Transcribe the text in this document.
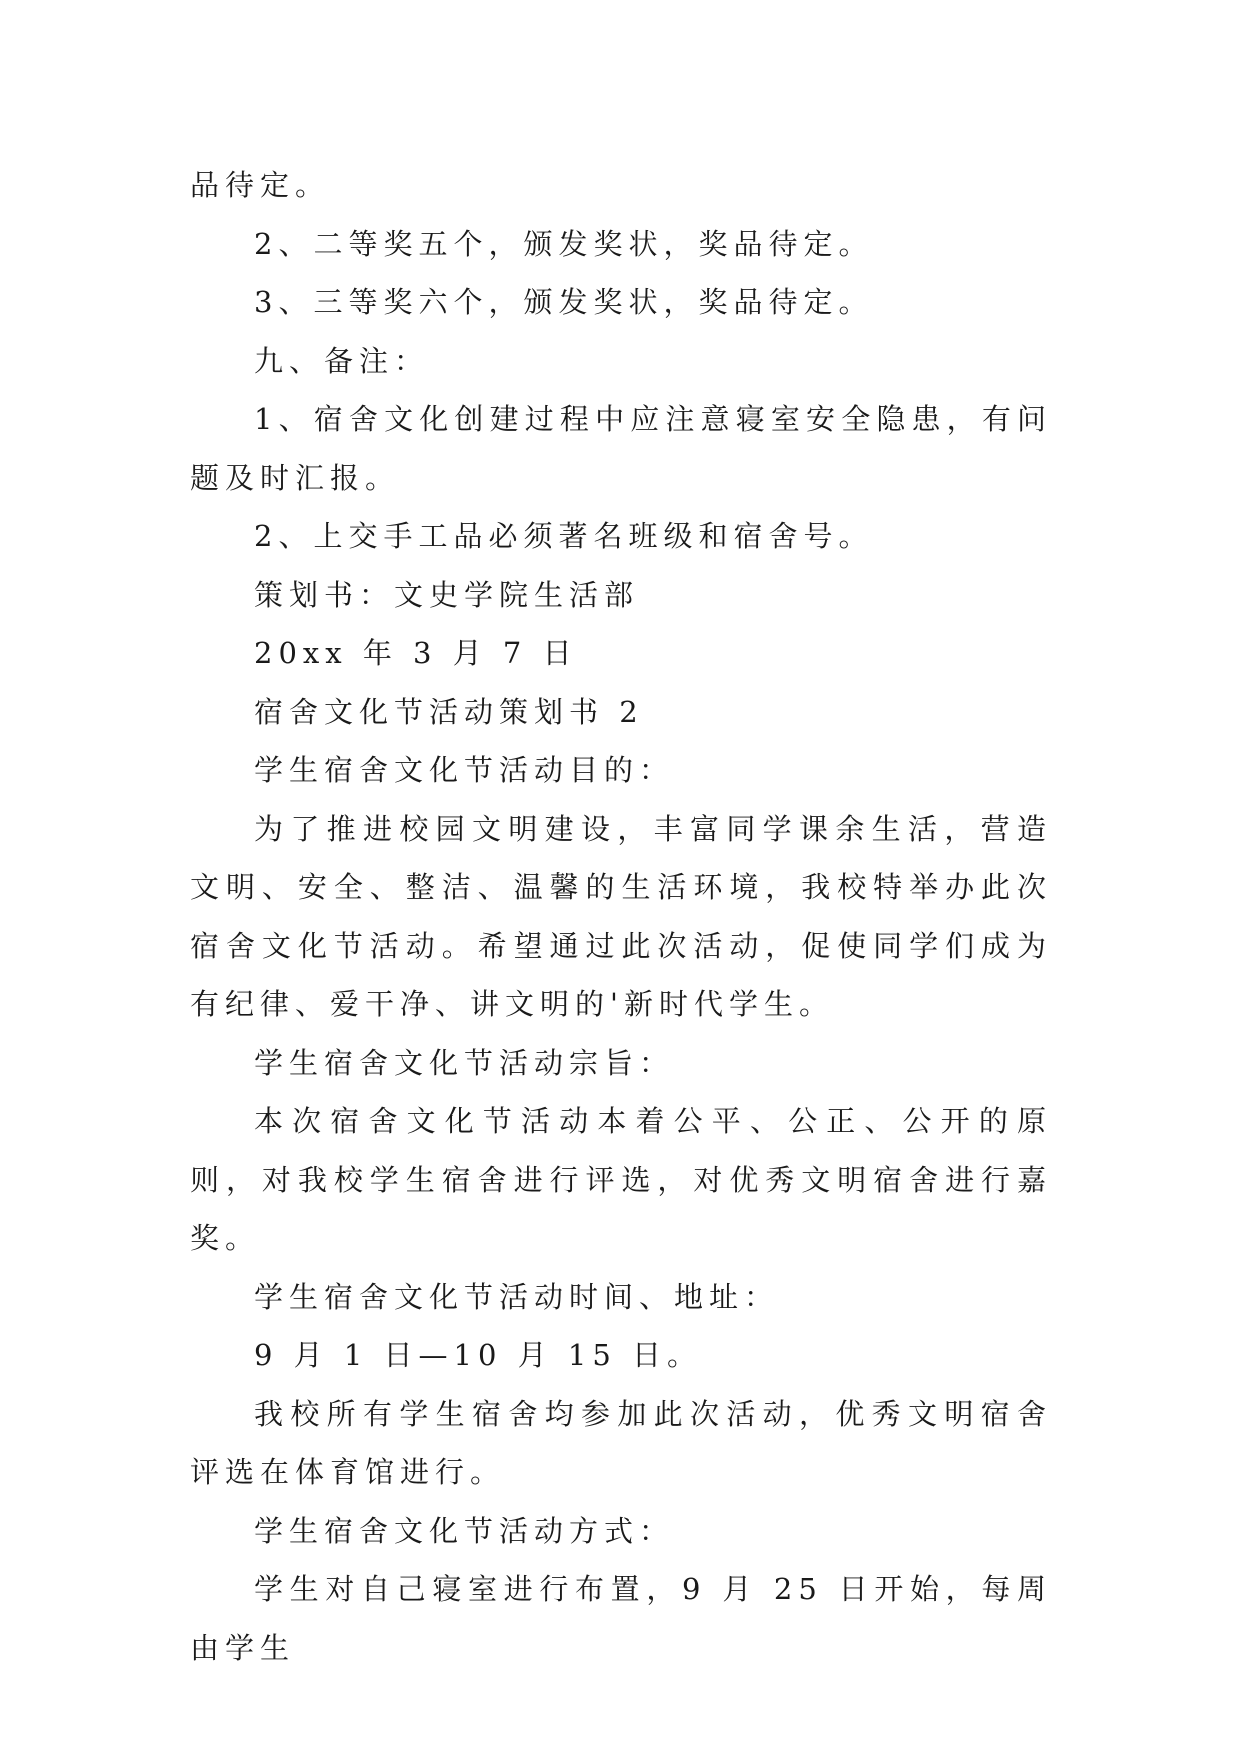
品待定。

2、二等奖五个，颁发奖状，奖品待定。

3、三等奖六个，颁发奖状，奖品待定。

九、备注：

1、宿舍文化创建过程中应注意寝室安全隐患，有问题及时汇报。

2、上交手工品必须著名班级和宿舍号。

策划书：文史学院生活部

20xx 年 3 月 7 日

宿舍文化节活动策划书 2

学生宿舍文化节活动目的：

为了推进校园文明建设，丰富同学课余生活，营造文明、安全、整洁、温馨的生活环境，我校特举办此次宿舍文化节活动。希望通过此次活动，促使同学们成为有纪律、爱干净、讲文明的'新时代学生。

学生宿舍文化节活动宗旨：

本次宿舍文化节活动本着公平、公正、公开的原则，对我校学生宿舍进行评选，对优秀文明宿舍进行嘉奖。

学生宿舍文化节活动时间、地址：

9 月 1 日—10 月 15 日。

我校所有学生宿舍均参加此次活动，优秀文明宿舍评选在体育馆进行。

学生宿舍文化节活动方式：

学生对自己寝室进行布置，9 月 25 日开始，每周由学生
